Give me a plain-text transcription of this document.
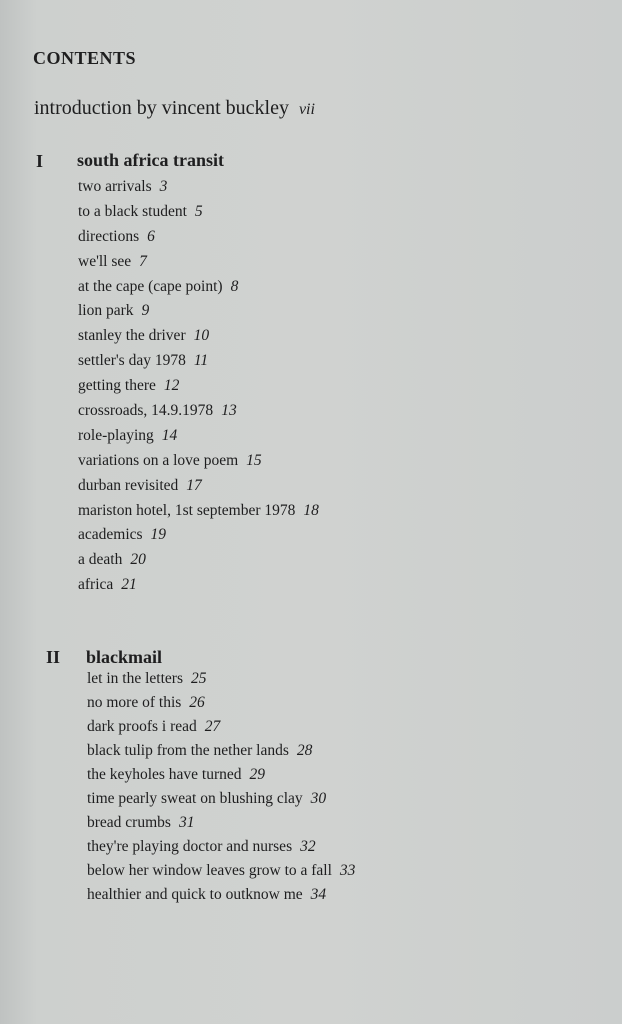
CONTENTS
introduction by vincent buckley vii
I south africa transit
two arrivals 3
to a black student 5
directions 6
we'll see 7
at the cape (cape point) 8
lion park 9
stanley the driver 10
settler's day 1978 11
getting there 12
crossroads, 14.9.1978 13
role-playing 14
variations on a love poem 15
durban revisited 17
mariston hotel, 1st september 1978 18
academics 19
a death 20
africa 21
II blackmail
let in the letters 25
no more of this 26
dark proofs i read 27
black tulip from the nether lands 28
the keyholes have turned 29
time pearly sweat on blushing clay 30
bread crumbs 31
they're playing doctor and nurses 32
below her window leaves grow to a fall 33
healthier and quick to outknow me 34
